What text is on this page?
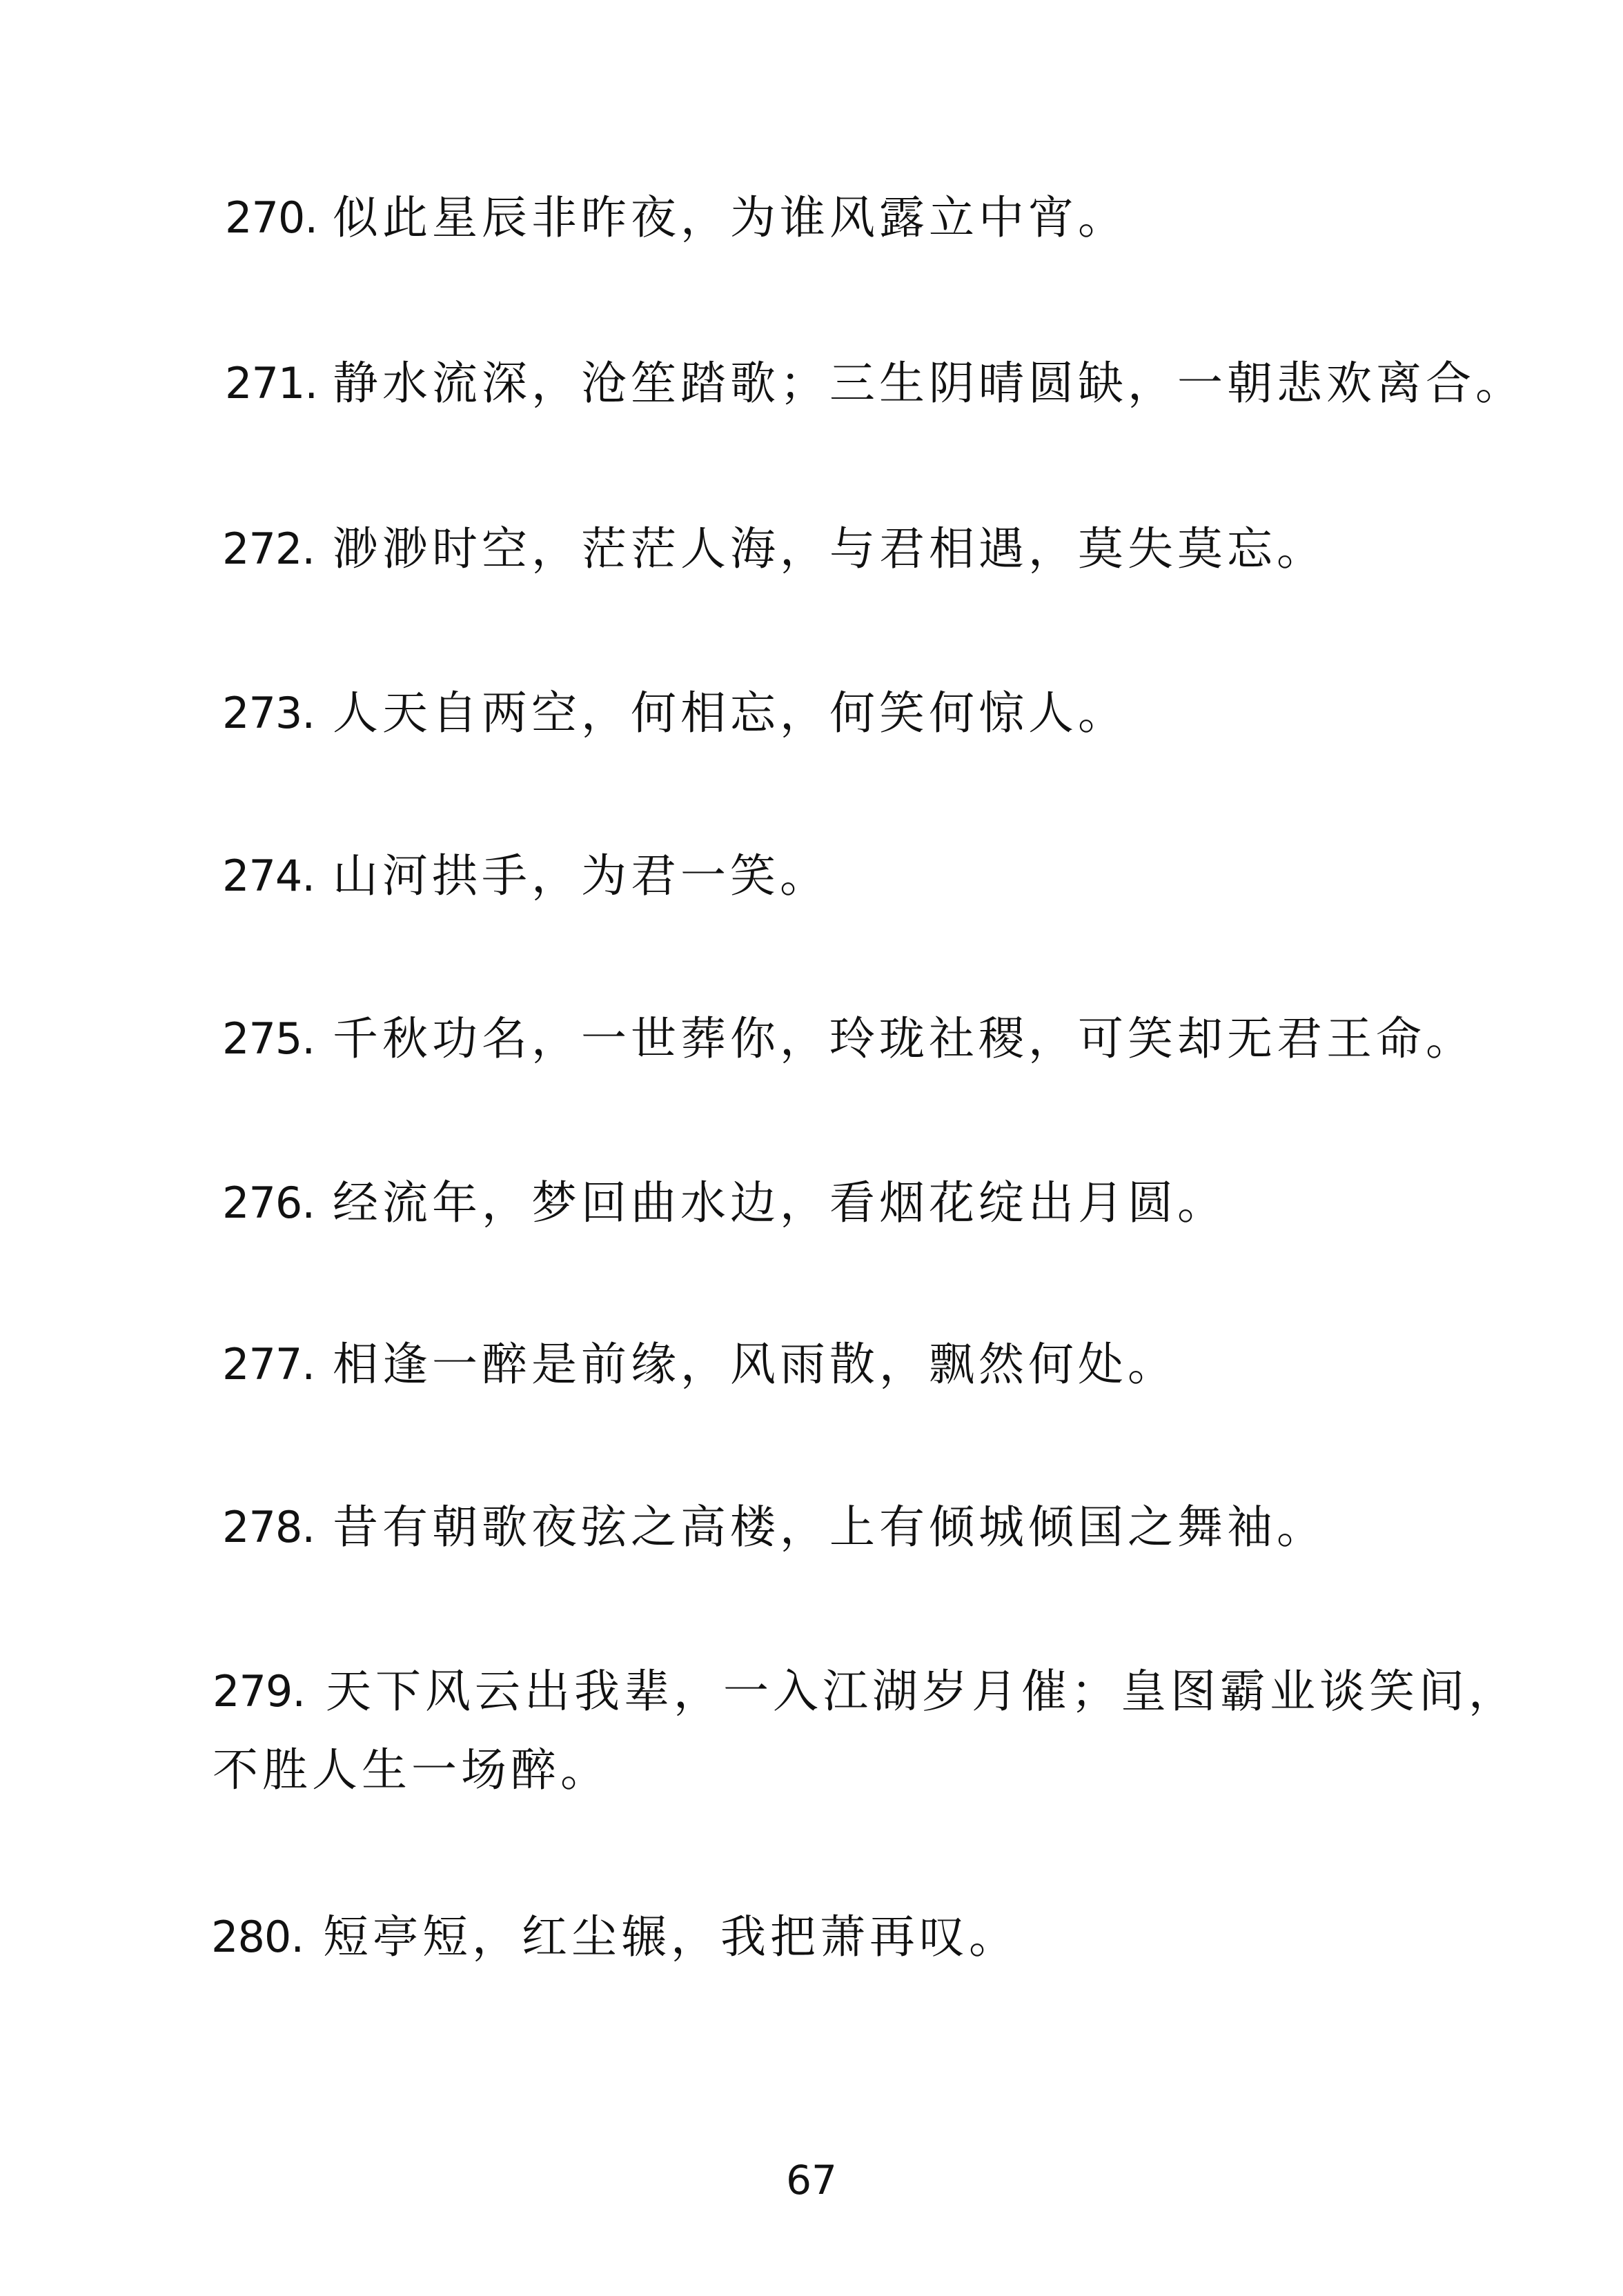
270. 似此星辰非昨夜，为谁风露立中宵。
271. 静水流深，沧笙踏歌；三生阴晴圆缺，一朝悲欢离合。
272. 渺渺时空，茫茫人海，与君相遇，莫失莫忘。
273. 人天自两空，何相忘，何笑何惊人。
274. 山河拱手，为君一笑。
275. 千秋功名，一世葬你，玲珑社稷，可笑却无君王命。
276. 经流年，梦回曲水边，看烟花绽出月圆。
277. 相逢一醉是前缘，风雨散，飘然何处。
278. 昔有朝歌夜弦之高楼，上有倾城倾国之舞袖。
279. 天下风云出我辈，一入江湖岁月催；皇图霸业谈笑间，
不胜人生一场醉。
280. 短亭短，红尘辗，我把萧再叹。
67
